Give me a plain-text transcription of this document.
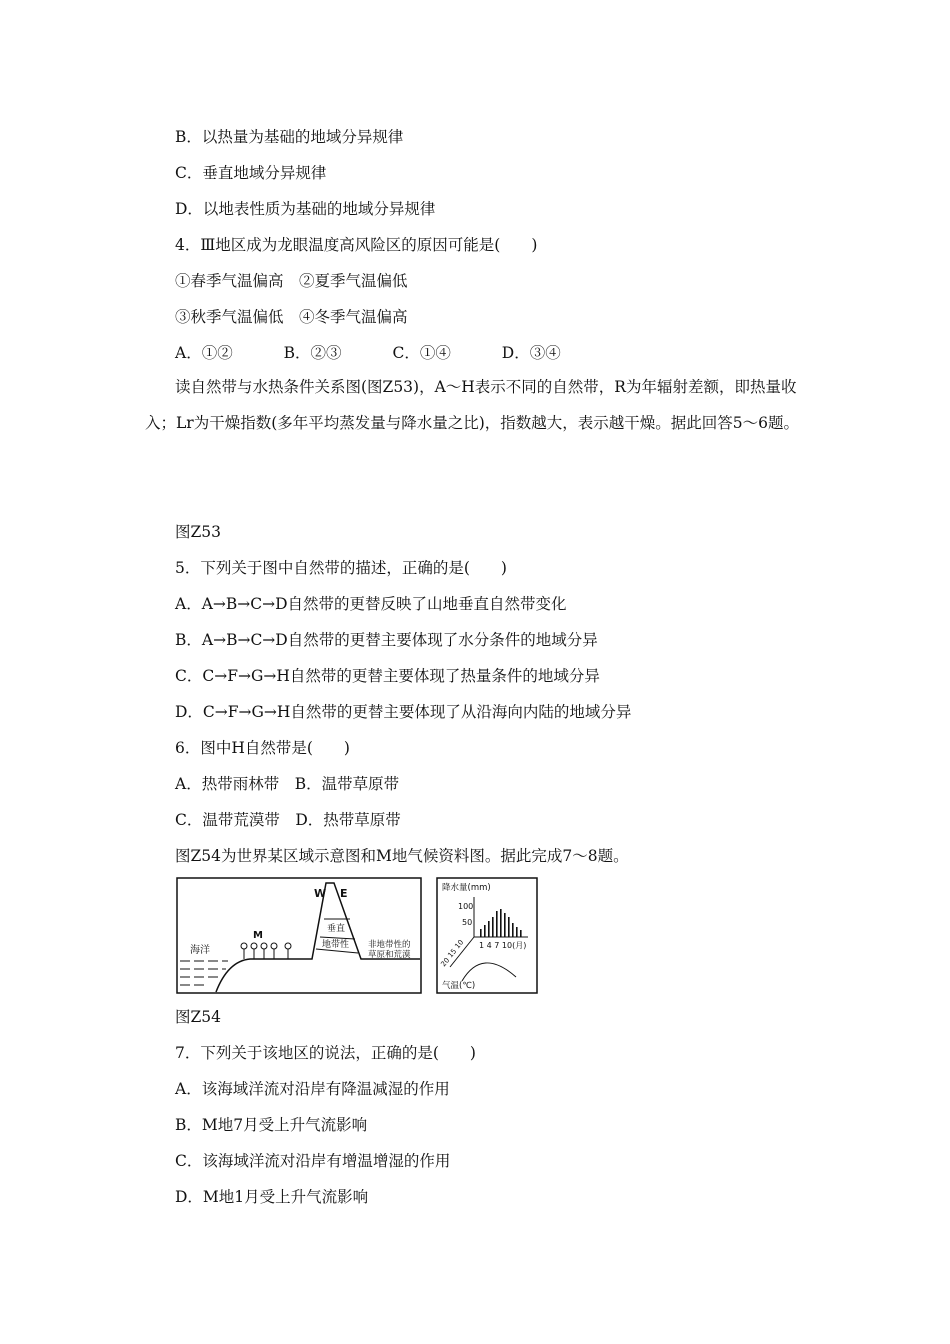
B．以热量为基础的地域分异规律
C．垂直地域分异规律
D．以地表性质为基础的地域分异规律
4．Ⅲ地区成为龙眼温度高风险区的原因可能是(　　)
①春季气温偏高　②夏季气温偏低
③秋季气温偏低　④冬季气温偏高
A．①②	B．②③	C．①④	D．③④
读自然带与水热条件关系图(图Z53)，A～H表示不同的自然带，R为年辐射差额，即热量收入；Lr为干燥指数(多年平均蒸发量与降水量之比)，指数越大，表示越干燥。据此回答5～6题。
图Z53
5．下列关于图中自然带的描述，正确的是(　　)
A．A→B→C→D自然带的更替反映了山地垂直自然带变化
B．A→B→C→D自然带的更替主要体现了水分条件的地域分异
C．C→F→G→H自然带的更替主要体现了热量条件的地域分异
D．C→F→G→H自然带的更替主要体现了从沿海向内陆的地域分异
6．图中H自然带是(　　)
A．热带雨林带　B．温带草原带
C．温带荒漠带　D．热带草原带
图Z54为世界某区域示意图和M地气候资料图。据此完成7～8题。
海洋
M
W E
垂直
地带性 非地带性的
草原和荒漠
降水量(mm)
100
50
1 4 7 10(月)
10
15
20
气温(℃)
图Z54
7．下列关于该地区的说法，正确的是(　　)
A．该海域洋流对沿岸有降温减湿的作用
B．M地7月受上升气流影响
C．该海域洋流对沿岸有增温增湿的作用
D．M地1月受上升气流影响
